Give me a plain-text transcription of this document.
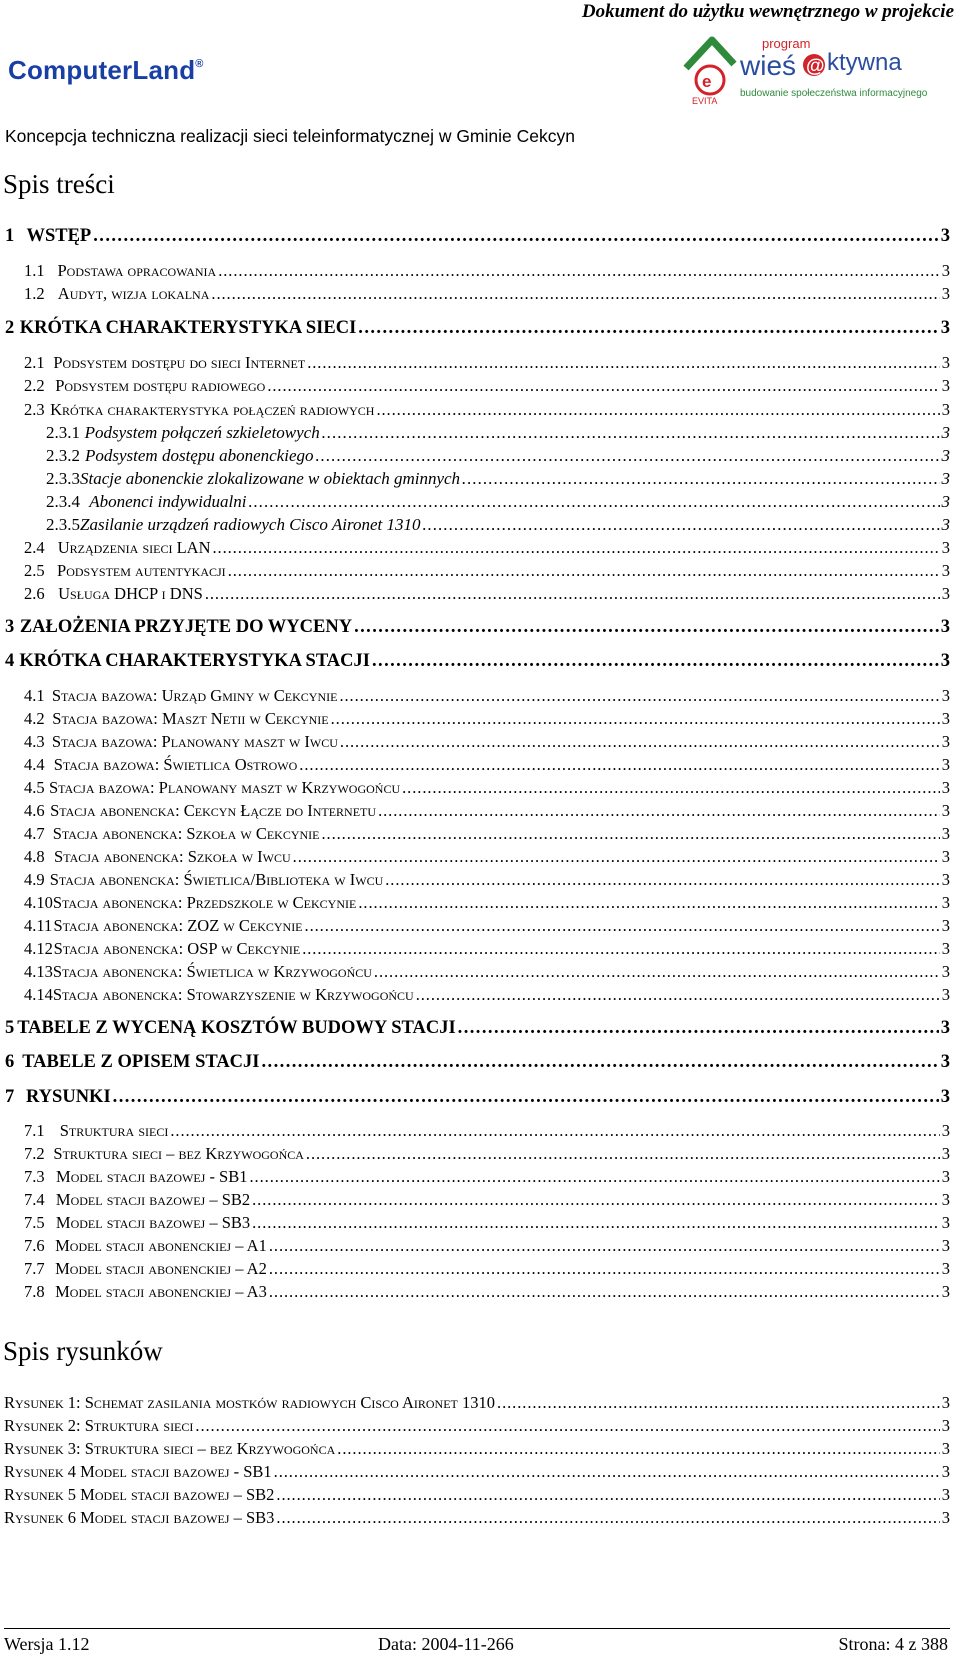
Dokument do użytku wewnętrznego w projekcie
ComputerLand®
e
EVITA
program
wieś @ ktywna
budowanie społeczeństwa informacyjnego
Koncepcja techniczna realizacji sieci teleinformatycznej w Gminie Cekcyn
Spis treści
1 WSTĘP . . .	3
1.1 Podstawa opracowania . . .	3
1.2 Audyt, wizja lokalna . . .	3
2 KRÓTKA CHARAKTERYSTYKA SIECI . . .	3
2.1 Podsystem dostępu do sieci Internet . . .	3
2.2 Podsystem dostępu radiowego . . .	3
2.3 Krótka charakterystyka połączeń radiowych . . .	3
2.3.1 Podsystem połączeń szkieletowych . . .	3
2.3.2 Podsystem dostępu abonenckiego . . .	3
2.3.3 Stacje abonenckie zlokalizowane w obiektach gminnych . . .	3
2.3.4 Abonenci indywidualni . . .	3
2.3.5 Zasilanie urządzeń radiowych Cisco Aironet 1310 . . .	3
2.4 Urządzenia sieci LAN . . .	3
2.5 Podsystem autentykacji . . .	3
2.6 Usługa DHCP i DNS . . .	3
3 ZAŁOŻENIA PRZYJĘTE DO WYCENY . . .	3
4 KRÓTKA CHARAKTERYSTYKA STACJI . . .	3
4.1 Stacja bazowa: Urząd Gminy w Cekcynie . . .	3
4.2 Stacja bazowa: Maszt Netii w Cekcynie . . .	3
4.3 Stacja bazowa: Planowany maszt w Iwcu . . .	3
4.4 Stacja bazowa: Świetlica Ostrowo . . .	3
4.5 Stacja bazowa: Planowany maszt w Krzywogońcu . . .	3
4.6 Stacja abonencka: Cekcyn Łącze do Internetu . . .	3
4.7 Stacja abonencka: Szkoła w Cekcynie . . .	3
4.8 Stacja abonencka: Szkoła w Iwcu . . .	3
4.9 Stacja abonencka: Świetlica/Biblioteka w Iwcu . . .	3
4.10 Stacja abonencka: Przedszkole w Cekcynie . . .	3
4.11 Stacja abonencka: ZOZ w Cekcynie . . .	3
4.12 Stacja abonencka: OSP w Cekcynie . . .	3
4.13 Stacja abonencka: Świetlica w Krzywogońcu . . .	3
4.14 Stacja abonencka: Stowarzyszenie w Krzywogońcu . . .	3
5 TABELE Z WYCENĄ KOSZTÓW BUDOWY STACJI . . .	3
6 TABELE Z OPISEM STACJI . . .	3
7 RYSUNKI . . .	3
7.1 Struktura sieci . . .	3
7.2 Struktura sieci – bez Krzywogońca . . .	3
7.3 Model stacji bazowej - SB1 . . .	3
7.4 Model stacji bazowej – SB2 . . .	3
7.5 Model stacji bazowej – SB3 . . .	3
7.6 Model stacji abonenckiej – A1 . . .	3
7.7 Model stacji abonenckiej – A2 . . .	3
7.8 Model stacji abonenckiej – A3 . . .	3
Spis rysunków
Rysunek 1: Schemat zasilania mostków radiowych Cisco Aironet 1310 . . .	3
Rysunek 2: Struktura sieci . . .	3
Rysunek 3: Struktura sieci – bez Krzywogońca . . .	3
Rysunek 4 Model stacji bazowej - SB1 . . .	3
Rysunek 5 Model stacji bazowej – SB2 . . .	3
Rysunek 6 Model stacji bazowej – SB3 . . .	3
Wersja 1.12	Data: 2004-11-266	Strona: 4 z 388
